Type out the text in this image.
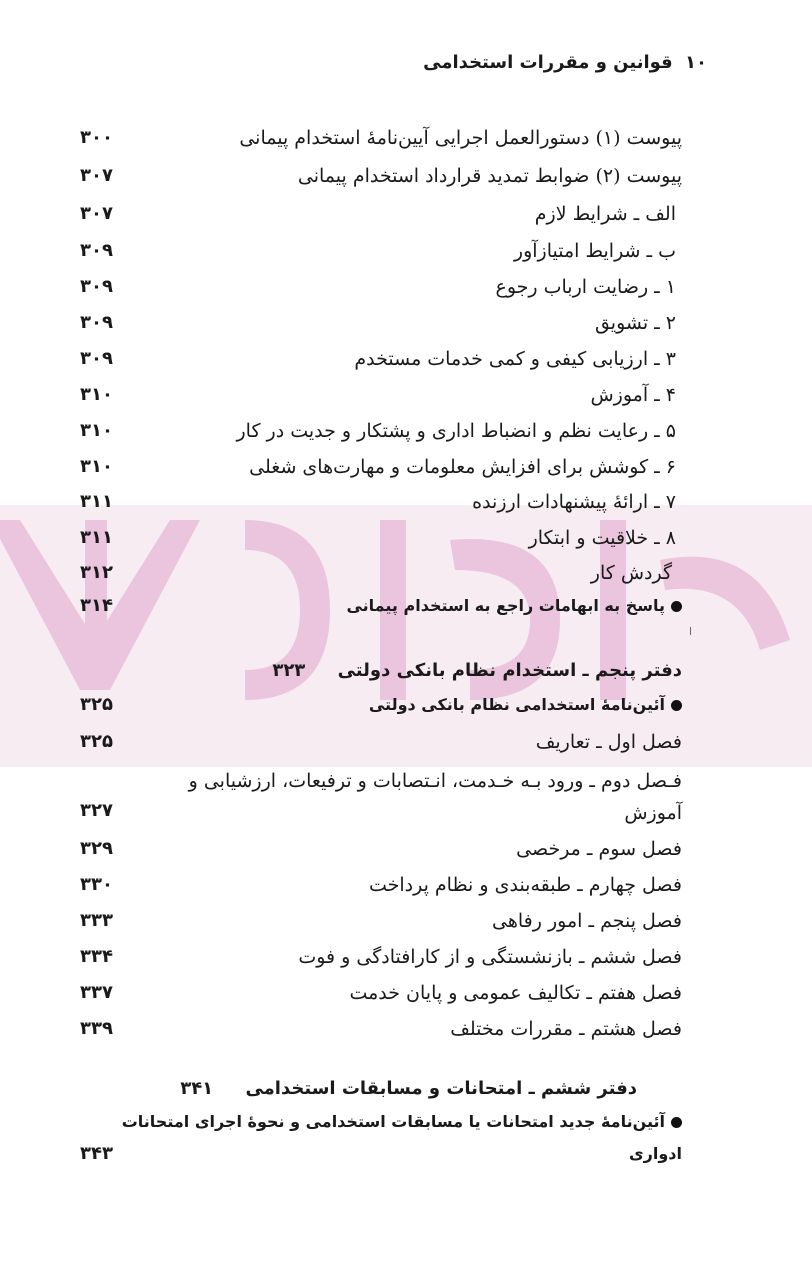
۱۰ قوانین و مقررات استخدامی
پیوست (۱) دستورالعمل اجرایی آیین‌نامهٔ استخدام پیمانی
۳۰۰
پیوست (۲) ضوابط تمدید قرارداد استخدام پیمانی
۳۰۷
الف ـ شرایط لازم
۳۰۷
ب ـ شرایط امتیازآور
۳۰۹
۱ ـ رضایت ارباب رجوع
۳۰۹
۲ ـ تشویق
۳۰۹
۳ ـ ارزیابی کیفی و کمی خدمات مستخدم
۳۰۹
۴ ـ آموزش
۳۱۰
۵ ـ رعایت نظم و انضباط اداری و پشتکار و جدیت در کار
۳۱۰
۶ ـ کوشش برای افزایش معلومات و مهارت‌های شغلی
۳۱۰
۷ ـ ارائهٔ پیشنهادات ارزنده
۳۱۱
۸ ـ خلاقیت و ابتکار
۳۱۱
گردش کار
۳۱۲
پاسخ به ابهامات راجع به استخدام پیمانی
۳۱۴
دفتر پنجم ـ استخدام نظام بانکی دولتی ۳۲۳
آئین‌نامهٔ استخدامی نظام بانکی دولتی
۳۲۵
فصل اول ـ تعاریف
۳۲۵
فـصل دوم ـ ورود بـه خـدمت، انـتصابات و ترفیعات، ارزشیابی و
آموزش
۳۲۷
فصل سوم ـ مرخصی
۳۲۹
فصل چهارم ـ طبقه‌بندی و نظام پرداخت
۳۳۰
فصل پنجم ـ امور رفاهی
۳۳۳
فصل ششم ـ بازنشستگی و از کارافتادگی و فوت
۳۳۴
فصل هفتم ـ تکالیف عمومی و پایان خدمت
۳۳۷
فصل هشتم ـ مقررات مختلف
۳۳۹
دفتر ششم ـ امتحانات و مسابقات استخدامی ۳۴۱
آئین‌نامهٔ جدید امتحانات یا مسابقات استخدامی و نحوهٔ اجرای امتحانات
ادواری
۳۴۳
